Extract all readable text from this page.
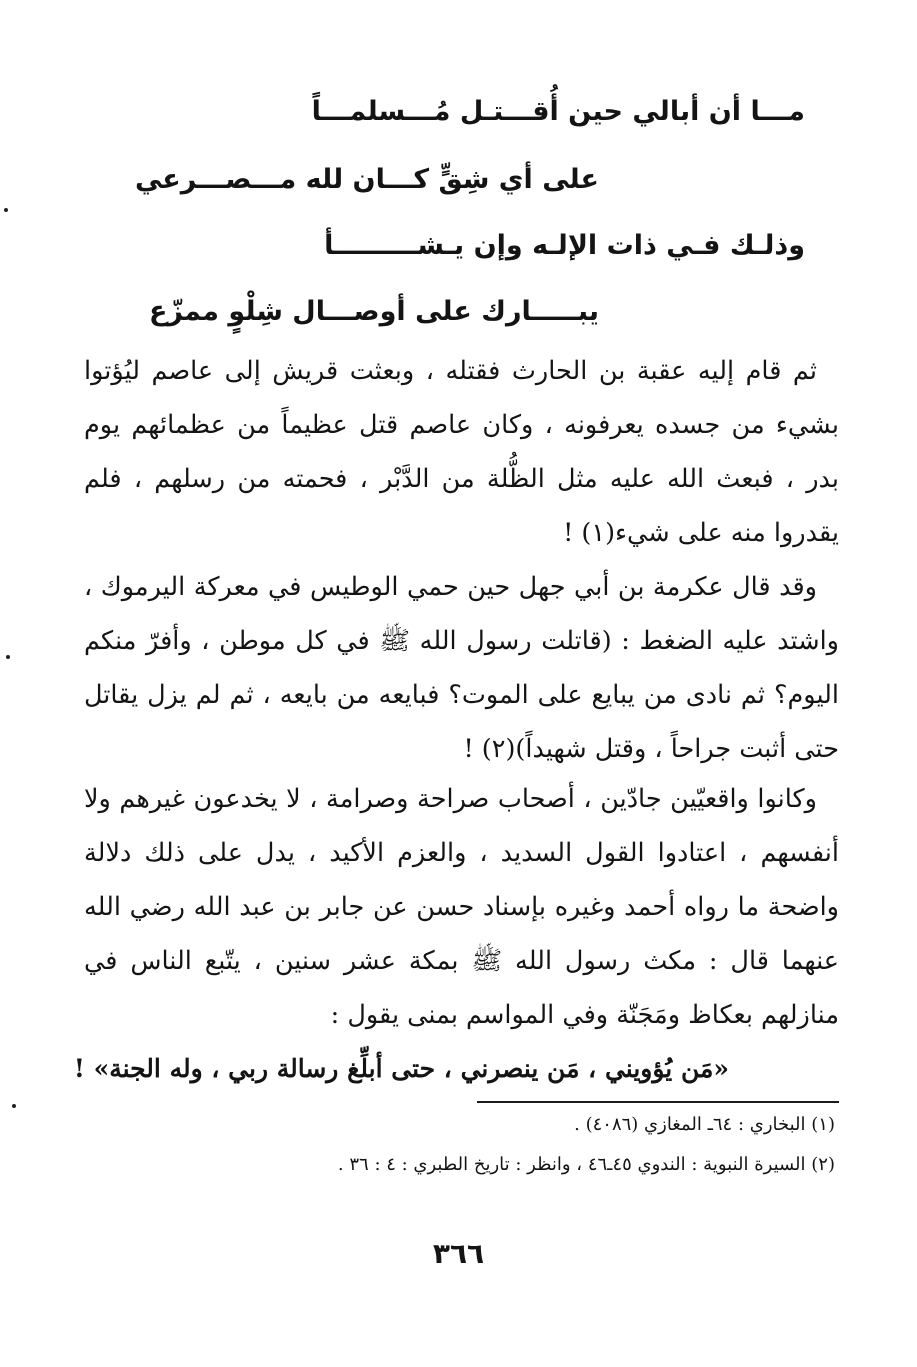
مـــا أن أبالي حين أُقـــتـل مُـــسلمـــاً
على أي شِقٍّ كـــان لله مـــصـــرعي
وذلـك فـي ذات الإلـه وإن يـشـــــــــأ
يبـــــارك على أوصـــال شِلْوٍ ممزّع

ثم قام إليه عقبة بن الحارث فقتله ، وبعثت قريش إلى عاصم ليُؤتوا بشيء من جسده يعرفونه ، وكان عاصم قتل عظيماً من عظمائهم يوم بدر ، فبعث الله عليه مثل الظُّلة من الدَّبْر ، فحمته من رسلهم ، فلم يقدروا منه على شيء(١) !

وقد قال عكرمة بن أبي جهل حين حمي الوطيس في معركة اليرموك ، واشتد عليه الضغط : (قاتلت رسول الله ﷺ في كل موطن ، وأفرّ منكم اليوم؟ ثم نادى من يبايع على الموت؟ فبايعه من بايعه ، ثم لم يزل يقاتل حتى أثبت جراحاً ، وقتل شهيداً)(٢) !

وكانوا واقعيّين جادّين ، أصحاب صراحة وصرامة ، لا يخدعون غيرهم ولا أنفسهم ، اعتادوا القول السديد ، والعزم الأكيد ، يدل على ذلك دلالة واضحة ما رواه أحمد وغيره بإسناد حسن عن جابر بن عبد الله رضي الله عنهما قال : مكث رسول الله ﷺ بمكة عشر سنين ، يتّبع الناس في منازلهم بعكاظ ومَجَنّة وفي المواسم بمنى يقول :

«مَن يُؤويني ، مَن ينصرني ، حتى أبلِّغ رسالة ربي ، وله الجنة» !
(١) البخاري : ٦٤ـ المغازي (٤٠٨٦) .
(٢) السيرة النبوية : الندوي ٤٥ـ٤٦ ، وانظر : تاريخ الطبري : ٤ : ٣٦ .
٣٦٦
